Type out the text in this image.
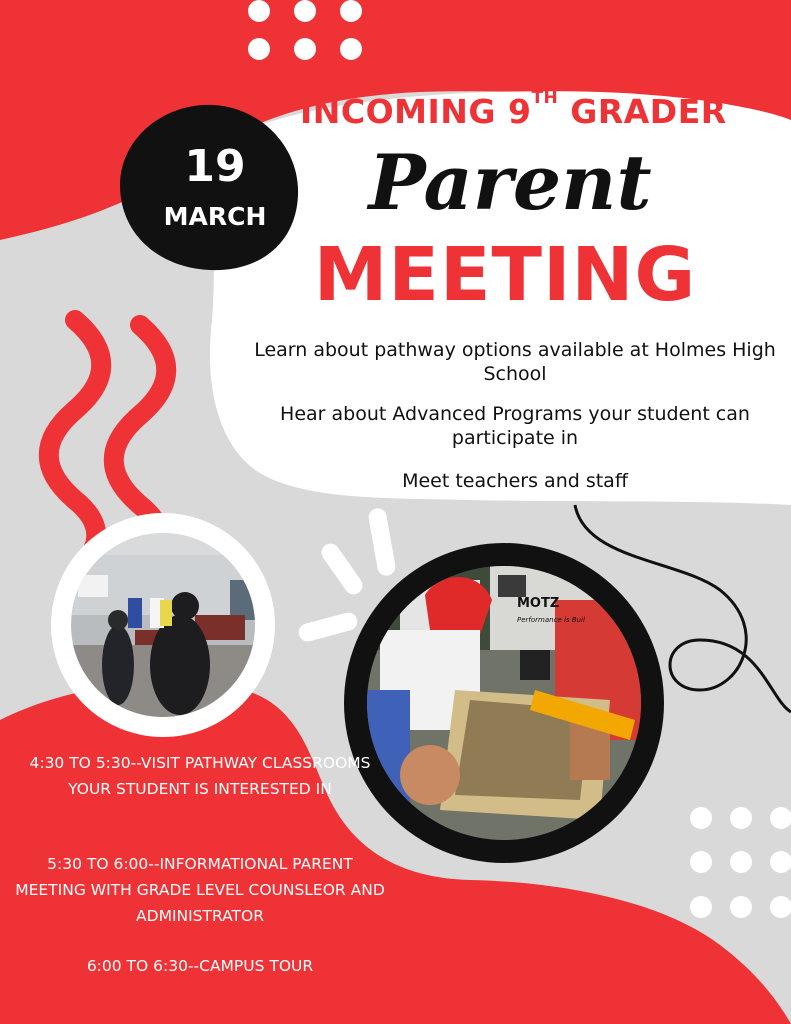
MOTZ
Performance is Buil
INCOMING 9TH GRADER
Parent
MEETING
19
MARCH
Learn about pathway options available at Holmes High School
Hear about Advanced Programs your student can participate in
Meet teachers and staff
4:30 TO 5:30--VISIT PATHWAY CLASSROOMS YOUR STUDENT IS INTERESTED IN
5:30 TO 6:00--INFORMATIONAL PARENT MEETING WITH GRADE LEVEL COUNSLEOR AND ADMINISTRATOR
6:00 TO 6:30--CAMPUS TOUR
